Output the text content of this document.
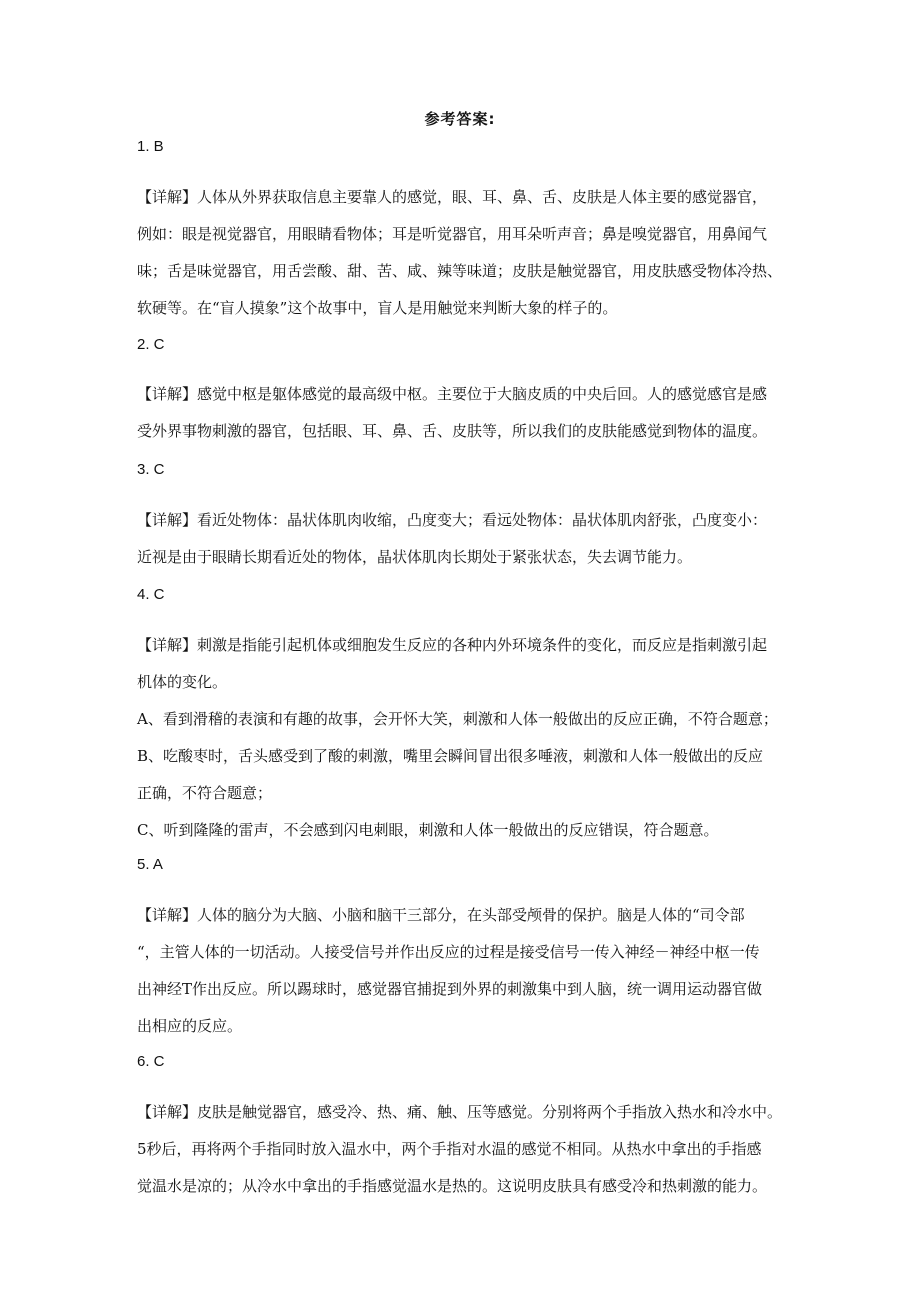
参考答案:
1. B
【详解】人体从外界获取信息主要靠人的感觉，眼、耳、鼻、舌、皮肤是人体主要的感觉器官，
例如：眼是视觉器官，用眼睛看物体；耳是听觉器官，用耳朵听声音；鼻是嗅觉器官，用鼻闻气
味；舌是味觉器官，用舌尝酸、甜、苦、咸、辣等味道；皮肤是触觉器官，用皮肤感受物体冷热、
软硬等。在“盲人摸象”这个故事中，盲人是用触觉来判断大象的样子的。
2. C
【详解】感觉中枢是躯体感觉的最高级中枢。主要位于大脑皮质的中央后回。人的感觉感官是感
受外界事物刺激的器官，包括眼、耳、鼻、舌、皮肤等，所以我们的皮肤能感觉到物体的温度。
3. C
【详解】看近处物体：晶状体肌肉收缩，凸度变大；看远处物体：晶状体肌肉舒张，凸度变小：
近视是由于眼睛长期看近处的物体，晶状体肌肉长期处于紧张状态，失去调节能力。
4. C
【详解】刺激是指能引起机体或细胞发生反应的各种内外环境条件的变化，而反应是指刺激引起
机体的变化。
A、看到滑稽的表演和有趣的故事，会开怀大笑，刺激和人体一般做出的反应正确，不符合题意；
B、吃酸枣时，舌头感受到了酸的刺激，嘴里会瞬间冒出很多唾液，刺激和人体一般做出的反应
正确，不符合题意；
C、听到隆隆的雷声，不会感到闪电刺眼，刺激和人体一般做出的反应错误，符合题意。
5. A
【详解】人体的脑分为大脑、小脑和脑干三部分，在头部受颅骨的保护。脑是人体的“司令部
“，主管人体的一切活动。人接受信号并作出反应的过程是接受信号一传入神经－神经中枢一传
出神经T作出反应。所以踢球时，感觉器官捕捉到外界的刺激集中到人脑，统一调用运动器官做
出相应的反应。
6. C
【详解】皮肤是触觉器官，感受冷、热、痛、触、压等感觉。分别将两个手指放入热水和冷水中。
5秒后，再将两个手指同时放入温水中，两个手指对水温的感觉不相同。从热水中拿出的手指感
觉温水是凉的；从冷水中拿出的手指感觉温水是热的。这说明皮肤具有感受冷和热刺激的能力。
